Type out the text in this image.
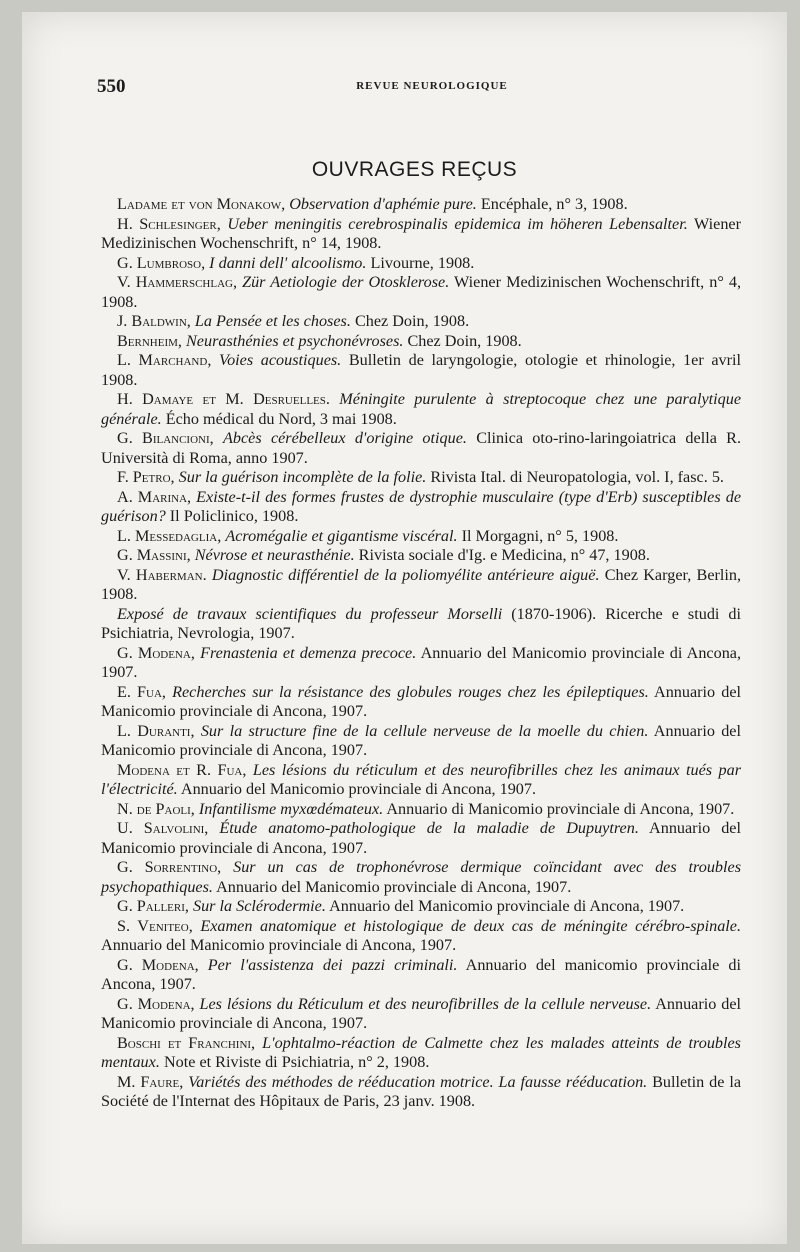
550	REVUE NEUROLOGIQUE
OUVRAGES REÇUS

Ladame et von Monakow, Observation d'aphémie pure. Encéphale, n° 3, 1908.

H. Schlesinger, Ueber meningitis cerebrospinalis epidemica im höheren Lebensalter. Wiener Medizinischen Wochenschrift, n° 14, 1908.

G. Lumbroso, I danni dell' alcoolismo. Livourne, 1908.

V. Hammerschlag, Zür Aetiologie der Otosklerose. Wiener Medizinischen Wochenschrift, n° 4, 1908.

J. Baldwin, La Pensée et les choses. Chez Doin, 1908.

Bernheim, Neurasthénies et psychonévroses. Chez Doin, 1908.

L. Marchand, Voies acoustiques. Bulletin de laryngologie, otologie et rhinologie, 1er avril 1908.

H. Damaye et M. Desruelles. Méningite purulente à streptocoque chez une paralytique générale. Écho médical du Nord, 3 mai 1908.

G. Bilancioni, Abcès cérébelleux d'origine otique. Clinica oto-rino-laringoiatrica della R. Università di Roma, anno 1907.

F. Petro, Sur la guérison incomplète de la folie. Rivista Ital. di Neuropatologia, vol. I, fasc. 5.

A. Marina, Existe-t-il des formes frustes de dystrophie musculaire (type d'Erb) susceptibles de guérison? Il Policlinico, 1908.

L. Messedaglia, Acromégalie et gigantisme viscéral. Il Morgagni, n° 5, 1908.

G. Massini, Névrose et neurasthénie. Rivista sociale d'Ig. e Medicina, n° 47, 1908.

V. Haberman. Diagnostic différentiel de la poliomyélite antérieure aiguë. Chez Karger, Berlin, 1908.

Exposé de travaux scientifiques du professeur Morselli (1870-1906). Ricerche e studi di Psichiatria, Nevrologia, 1907.

G. Modena, Frenastenia et demenza precoce. Annuario del Manicomio provinciale di Ancona, 1907.

E. Fua, Recherches sur la résistance des globules rouges chez les épileptiques. Annuario del Manicomio provinciale di Ancona, 1907.

L. Duranti, Sur la structure fine de la cellule nerveuse de la moelle du chien. Annuario del Manicomio provinciale di Ancona, 1907.

Modena et R. Fua, Les lésions du réticulum et des neurofibrilles chez les animaux tués par l'électricité. Annuario del Manicomio provinciale di Ancona, 1907.

N. de Paoli, Infantilisme myxœdémateux. Annuario di Manicomio provinciale di Ancona, 1907.

U. Salvolini, Étude anatomo-pathologique de la maladie de Dupuytren. Annuario del Manicomio provinciale di Ancona, 1907.

G. Sorrentino, Sur un cas de trophonévrose dermique coïncidant avec des troubles psychopathiques. Annuario del Manicomio provinciale di Ancona, 1907.

G. Palleri, Sur la Sclérodermie. Annuario del Manicomio provinciale di Ancona, 1907.

S. Veniteo, Examen anatomique et histologique de deux cas de méningite cérébro-spinale. Annuario del Manicomio provinciale di Ancona, 1907.

G. Modena, Per l'assistenza dei pazzi criminali. Annuario del manicomio provinciale di Ancona, 1907.

G. Modena, Les lésions du Réticulum et des neurofibrilles de la cellule nerveuse. Annuario del Manicomio provinciale di Ancona, 1907.

Boschi et Franchini, L'ophtalmo-réaction de Calmette chez les malades atteints de troubles mentaux. Note et Riviste di Psichiatria, n° 2, 1908.

M. Faure, Variétés des méthodes de rééducation motrice. La fausse rééducation. Bulletin de la Société de l'Internat des Hôpitaux de Paris, 23 janv. 1908.
